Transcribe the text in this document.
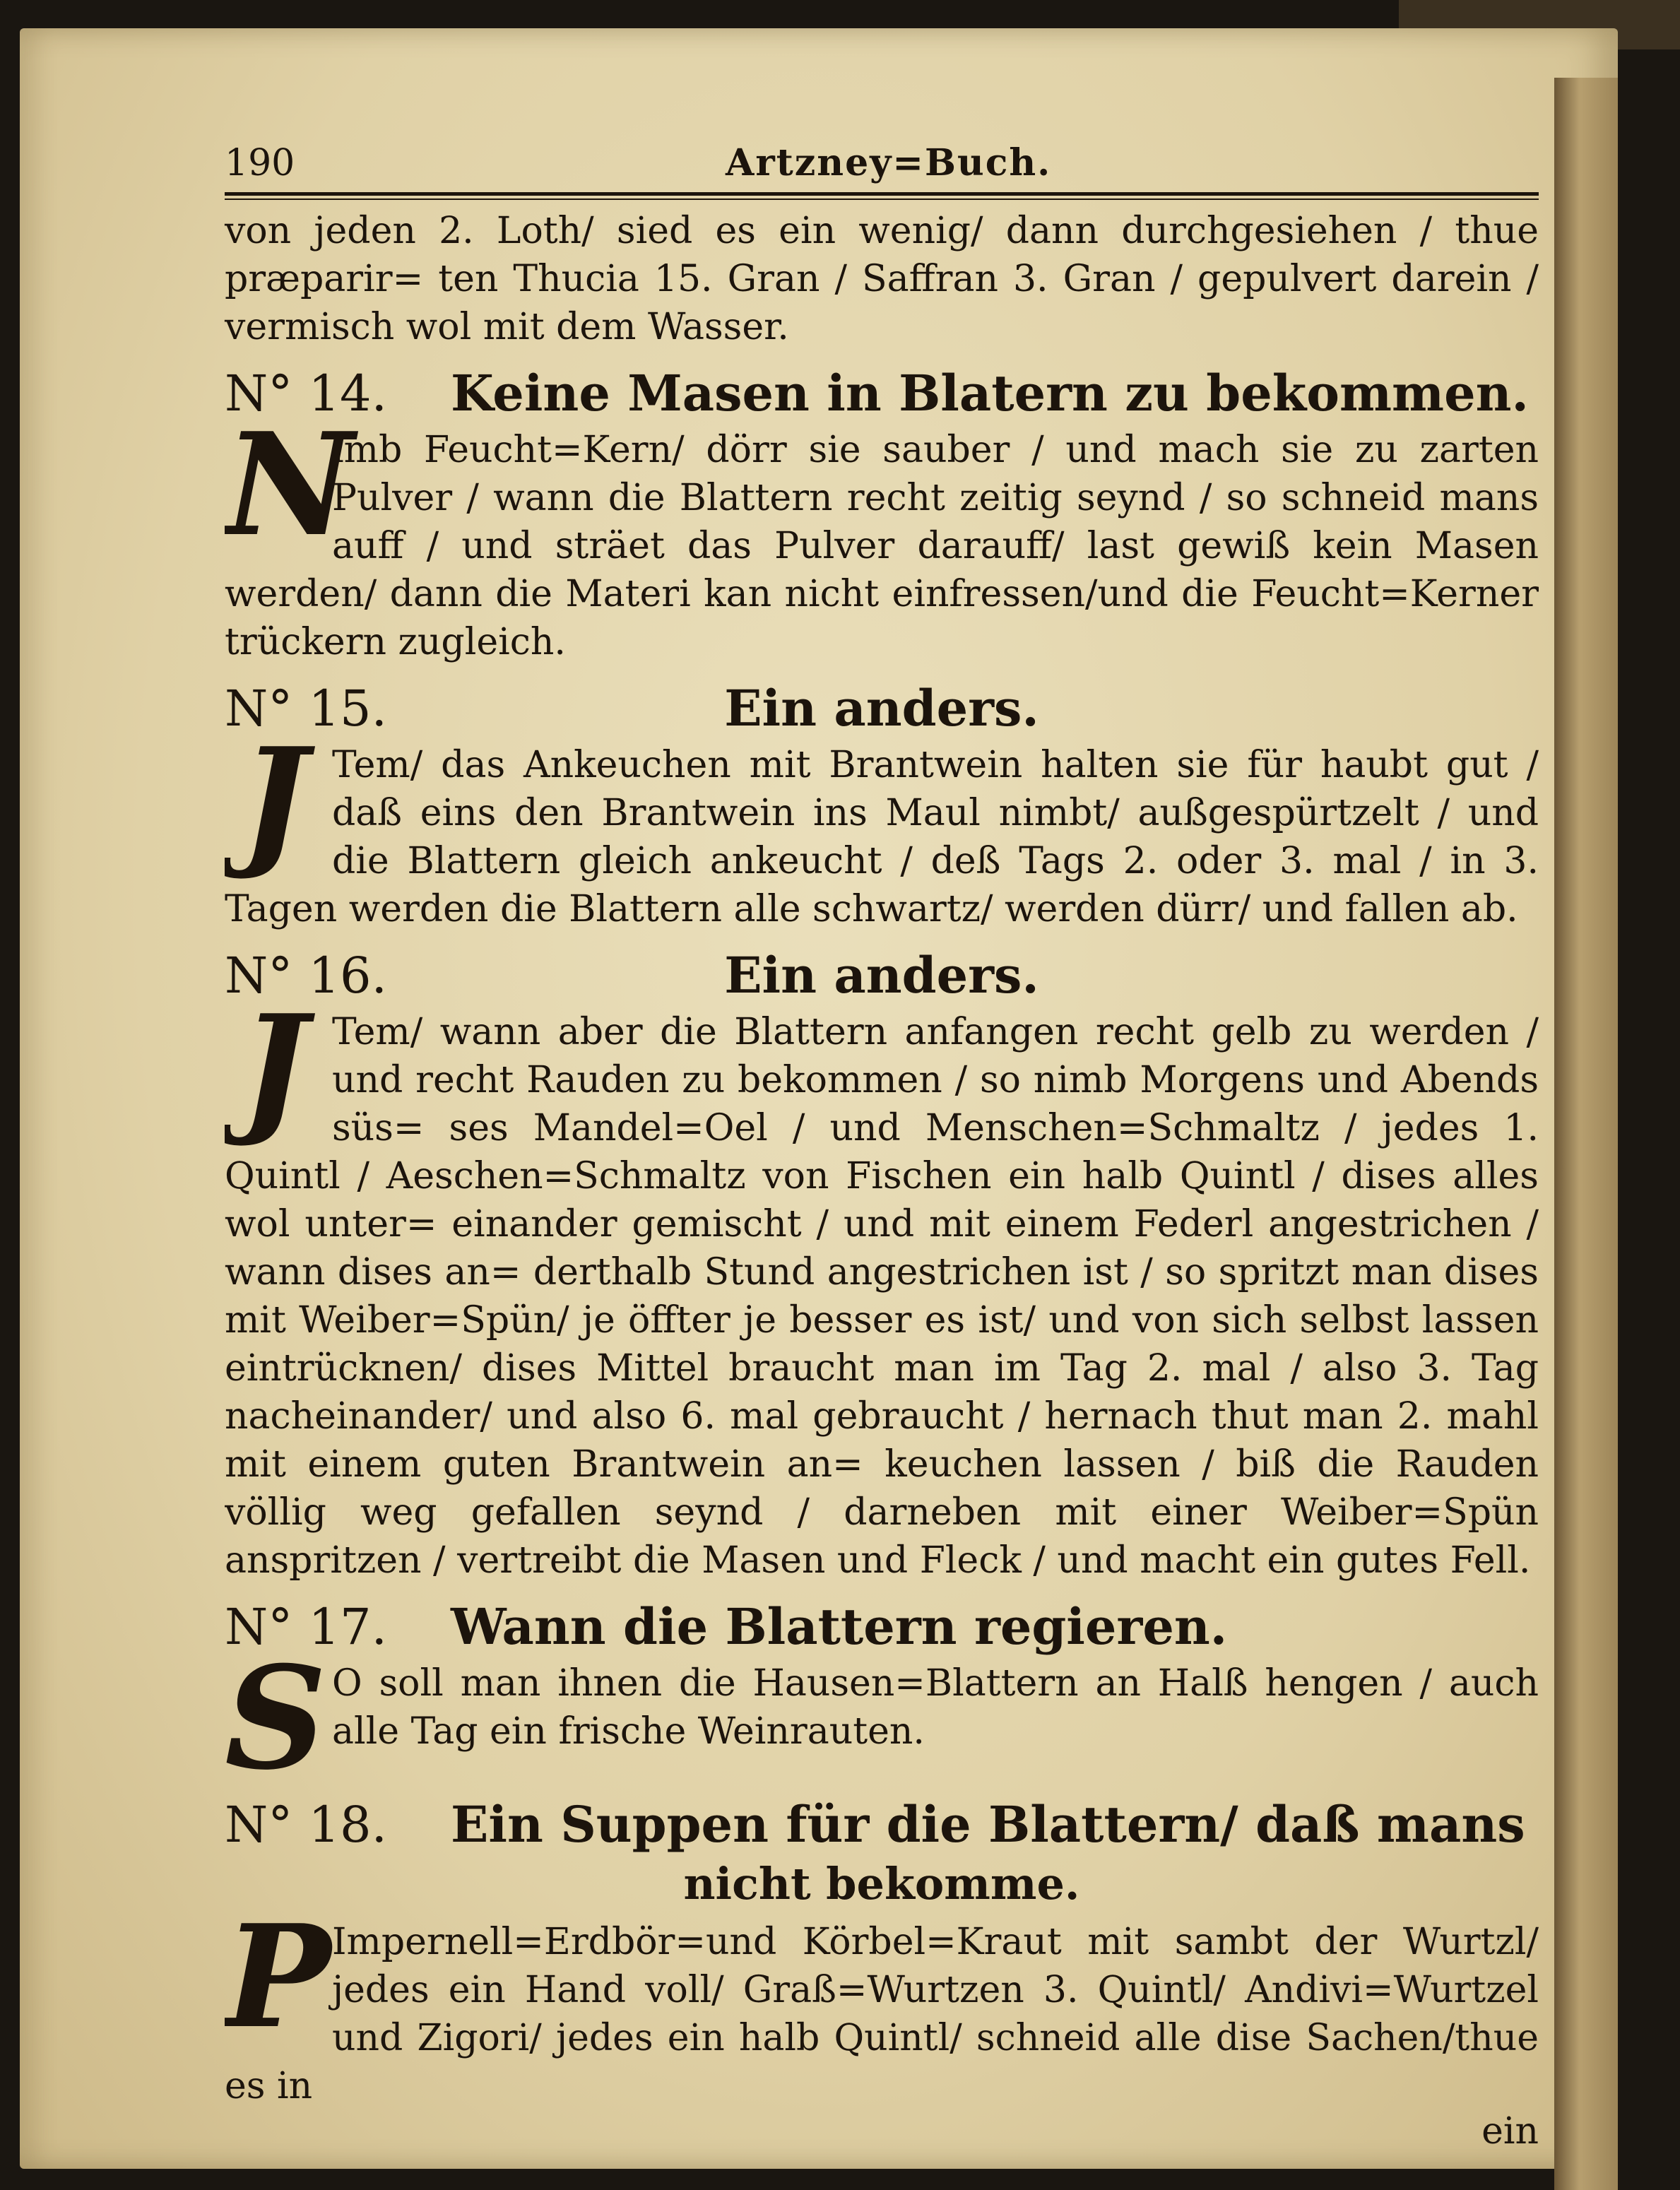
190	Artzney=Buch.

von jeden 2. Loth/ sied es ein wenig/ dann durchgesiehen / thue præparir= ten Thucia 15. Gran / Saffran 3. Gran / gepulvert darein / vermisch wol mit dem Wasser.

N° 14.	Keine Masen in Blatern zu bekommen.
N

imb Feucht=Kern/ dörr sie sauber / und mach sie zu zarten Pulver / wann die Blattern recht zeitig seynd / so schneid mans auff / und sträet das Pulver darauff/ last gewiß kein Masen werden/ dann die Materi kan nicht einfressen/und die Feucht=Kerner trückern zugleich.

N° 15.	Ein anders.
J Tem/ das Ankeuchen mit Brantwein halten sie für haubt gut / daß eins den Brantwein ins Maul nimbt/ außgespürtzelt / und die Blattern gleich ankeucht / deß Tags 2. oder 3. mal / in 3. Tagen werden die Blattern alle schwartz/ werden dürr/ und fallen ab.

N° 16.	Ein anders.
J Tem/ wann aber die Blattern anfangen recht gelb zu werden / und recht Rauden zu bekommen / so nimb Morgens und Abends süs= ses Mandel=Oel / und Menschen=Schmaltz / jedes 1. Quintl / Aeschen=Schmaltz von Fischen ein halb Quintl / dises alles wol unter= einander gemischt / und mit einem Federl angestrichen / wann dises an= derthalb Stund angestrichen ist / so spritzt man dises mit Weiber=Spün/ je öffter je besser es ist/ und von sich selbst lassen eintrücknen/ dises Mittel braucht man im Tag 2. mal / also 3. Tag nacheinander/ und also 6. mal gebraucht / hernach thut man 2. mahl mit einem guten Brantwein an= keuchen lassen / biß die Rauden völlig weg gefallen seynd / darneben mit einer Weiber=Spün anspritzen / vertreibt die Masen und Fleck / und macht ein gutes Fell.

N° 17.	Wann die Blattern regieren.
S O soll man ihnen die Hausen=Blattern an Halß hengen / auch alle Tag ein frische Weinrauten.

N° 18.	Ein Suppen für die Blattern/ daß mans
nicht bekomme.
P Impernell=Erdbör=und Körbel=Kraut mit sambt der Wurtzl/ jedes ein Hand voll/ Graß=Wurtzen 3. Quintl/ Andivi=Wurtzel und Zigori/ jedes ein halb Quintl/ schneid alle dise Sachen/thue es in

ein
